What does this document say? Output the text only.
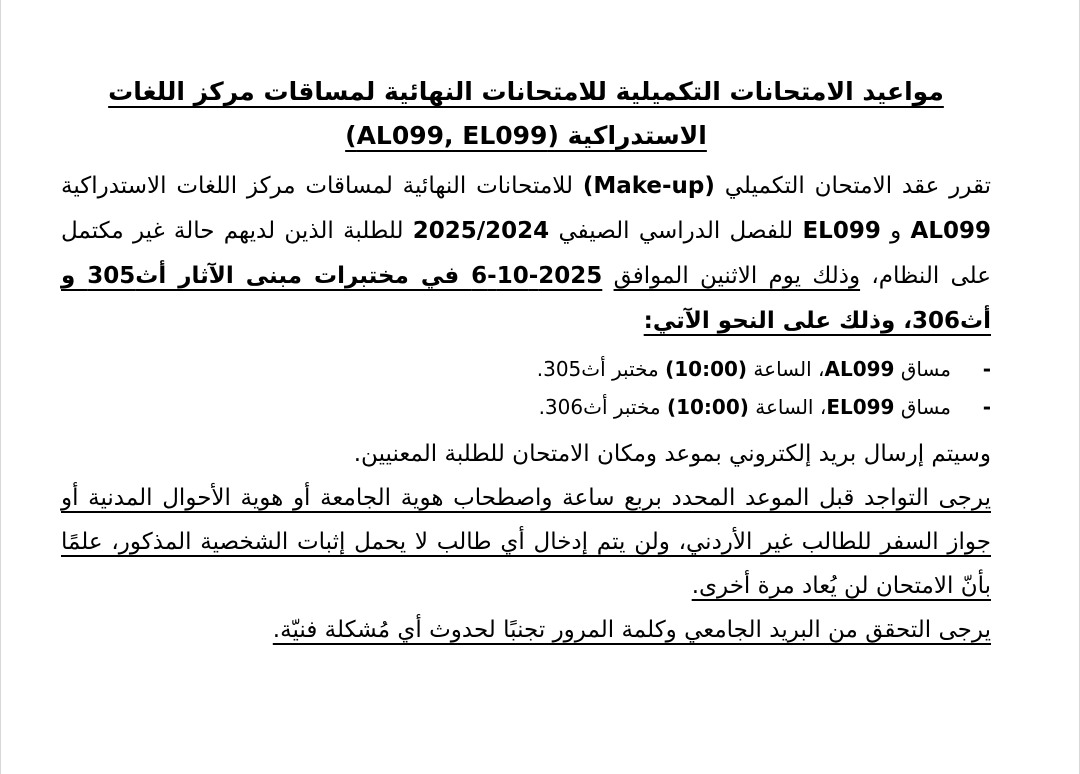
مواعيد الامتحانات التكميلية للامتحانات النهائية لمساقات مركز اللغات
الاستدراكية (AL099, EL099)

تقرر عقد الامتحان التكميلي (Make-up) للامتحانات النهائية لمساقات مركز اللغات الاستدراكية AL099 و EL099 للفصل الدراسي الصيفي 2025/2024 للطلبة الذين لديهم حالة غير مكتمل على النظام، وذلك يوم الاثنين الموافق 2025-10-6 في مختبرات مبنى الآثار أث305 و أث306، وذلك على النحو الآتي:

-
مساق AL099، الساعة (10:00) مختبر أث305.
-
مساق EL099، الساعة (10:00) مختبر أث306.

وسيتم إرسال بريد إلكتروني بموعد ومكان الامتحان للطلبة المعنيين.

يرجى التواجد قبل الموعد المحدد بربع ساعة واصطحاب هوية الجامعة أو هوية الأحوال المدنية أو جواز السفر للطالب غير الأردني، ولن يتم إدخال أي طالب لا يحمل إثبات الشخصية المذكور، علمًا بأنّ الامتحان لن يُعاد مرة أخرى.

يرجى التحقق من البريد الجامعي وكلمة المرور تجنبًا لحدوث أي مُشكلة فنيّة.
